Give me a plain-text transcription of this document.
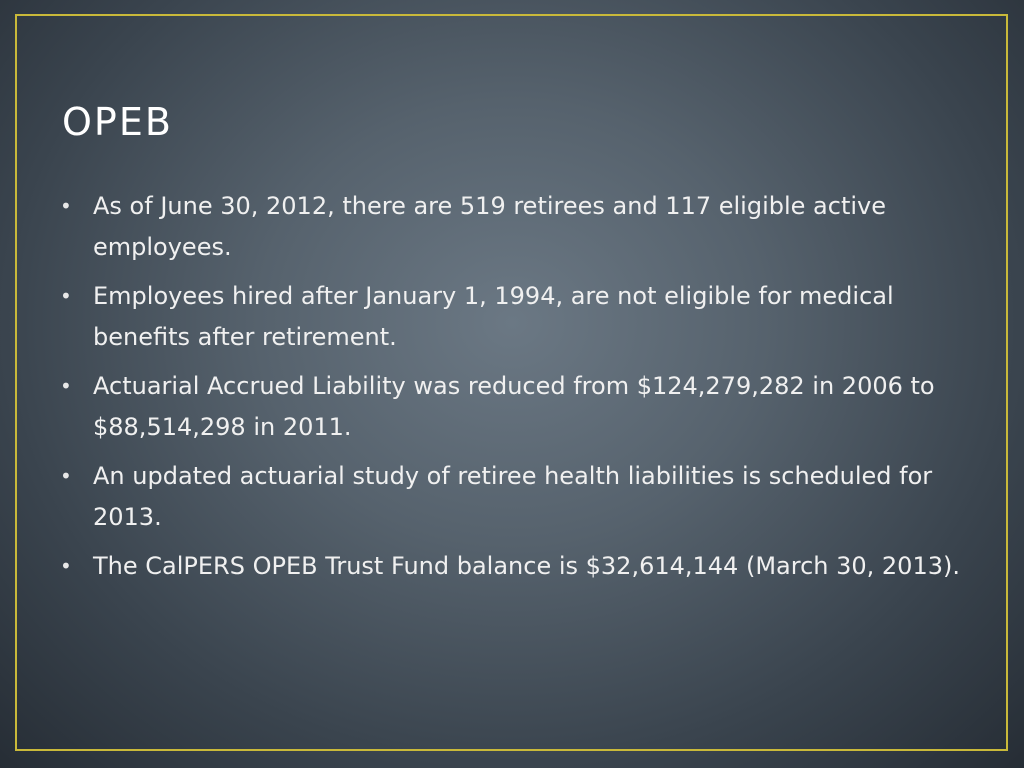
OPEB
• As of June 30, 2012, there are 519 retirees and 117 eligible active employees.
• Employees hired after January 1, 1994, are not eligible for medical benefits after retirement.
• Actuarial Accrued Liability was reduced from $124,279,282 in 2006 to $88,514,298 in 2011.
• An updated actuarial study of retiree health liabilities is scheduled for 2013.
• The CalPERS OPEB Trust Fund balance is $32,614,144 (March 30, 2013).
